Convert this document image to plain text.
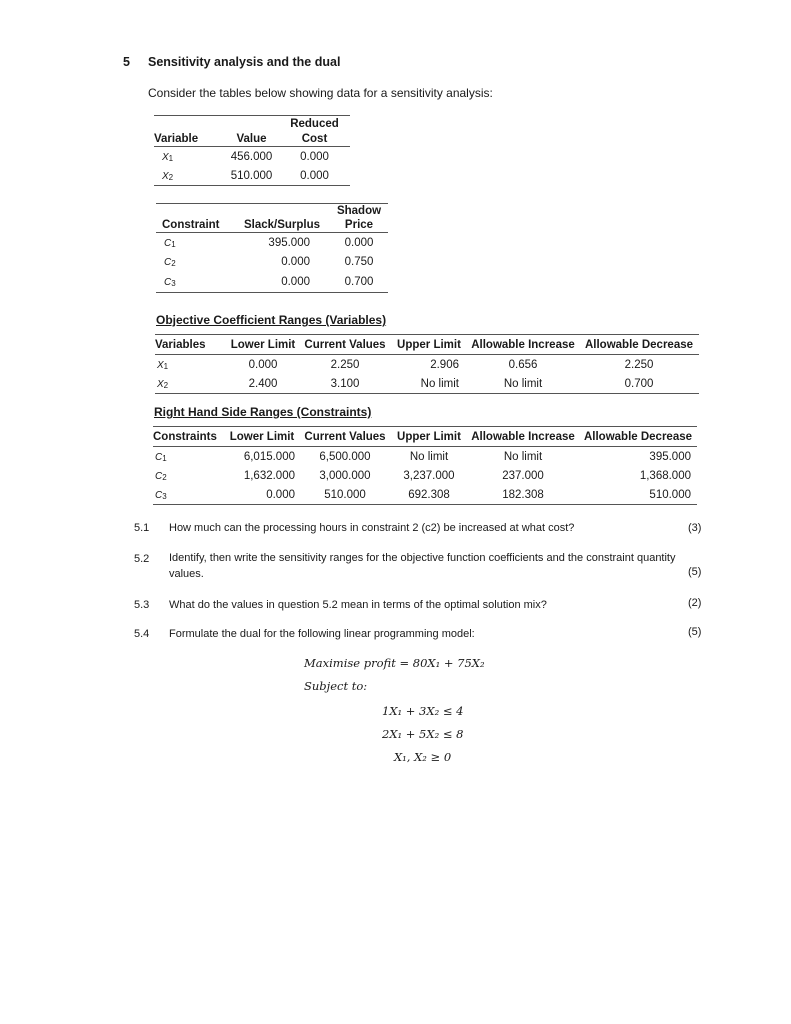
5 Sensitivity analysis and the dual
Consider the tables below showing data for a sensitivity analysis:
		Reduced
Variable	Value	Cost
X1	456.000	0.000
X2	510.000	0.000
		Shadow
Constraint	Slack/Surplus	Price
C1	395.000	0.000
C2	0.000	0.750
C3	0.000	0.700
Objective Coefficient Ranges (Variables)
Variables	Lower Limit	Current Values	Upper Limit	Allowable Increase	Allowable Decrease
X1	0.000	2.250	2.906	0.656	2.250
X2	2.400	3.100	No limit	No limit	0.700
Right Hand Side Ranges (Constraints)
Constraints	Lower Limit	Current Values	Upper Limit	Allowable Increase	Allowable Decrease
C1	6,015.000	6,500.000	No limit	No limit	395.000
C2	1,632.000	3,000.000	3,237.000	237.000	1,368.000
C3	0.000	510.000	692.308	182.308	510.000
5.1 How much can the processing hours in constraint 2 (c2) be increased at what cost?	(3)
5.2 Identify, then write the sensitivity ranges for the objective function coefficients and the constraint quantity values.	(5)
5.3 What do the values in question 5.2 mean in terms of the optimal solution mix?	(2)
5.4 Formulate the dual for the following linear programming model:	(5)
Maximise profit = 80X₁ + 75X₂
Subject to:
1X₁ + 3X₂ ≤ 4
2X₁ + 5X₂ ≤ 8
X₁, X₂ ≥ 0
